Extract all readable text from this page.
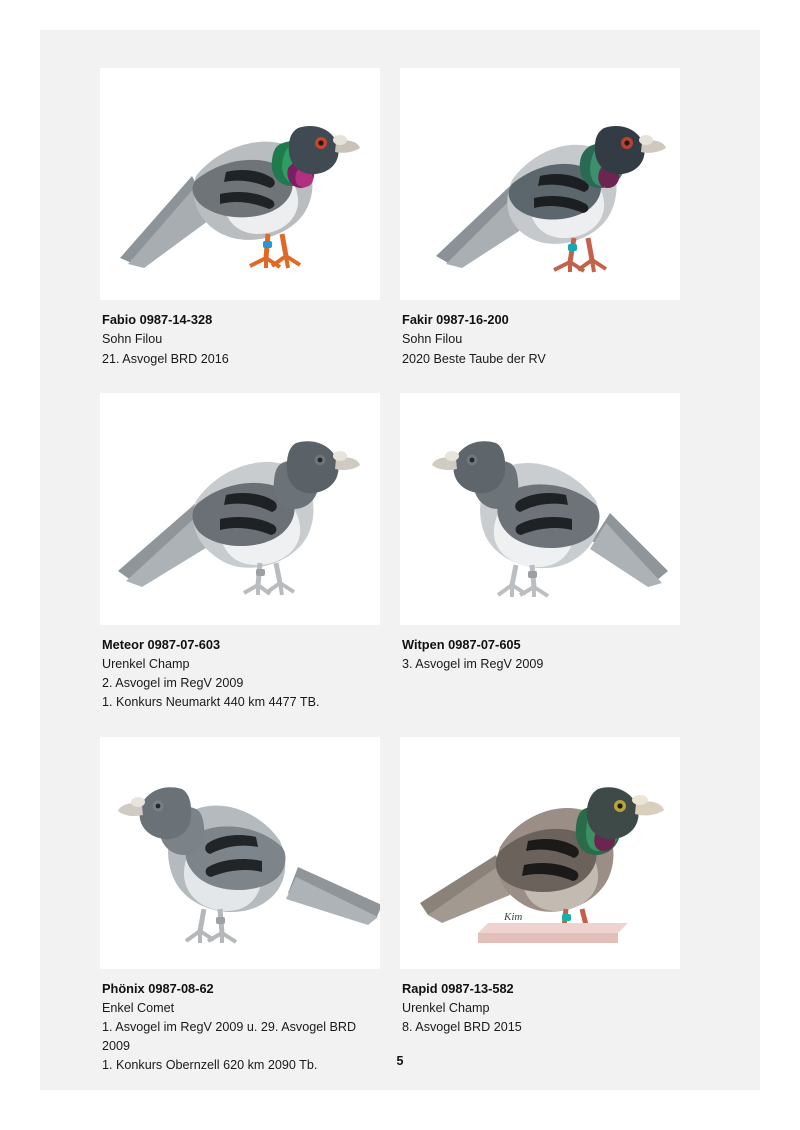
Fabio 0987-14-328
Sohn Filou
21. Asvogel BRD 2016
Fakir 0987-16-200
Sohn Filou
2020 Beste Taube der RV
Meteor 0987-07-603
Urenkel Champ
2. Asvogel im RegV 2009
1. Konkurs Neumarkt 440 km 4477 TB.
Witpen 0987-07-605
3. Asvogel im RegV 2009
Phönix 0987-08-62
Enkel Comet
1. Asvogel im RegV 2009 u. 29. Asvogel BRD 2009
1. Konkurs Obernzell 620 km 2090 Tb.
Kim
Rapid 0987-13-582
Urenkel Champ
8. Asvogel BRD 2015
5
